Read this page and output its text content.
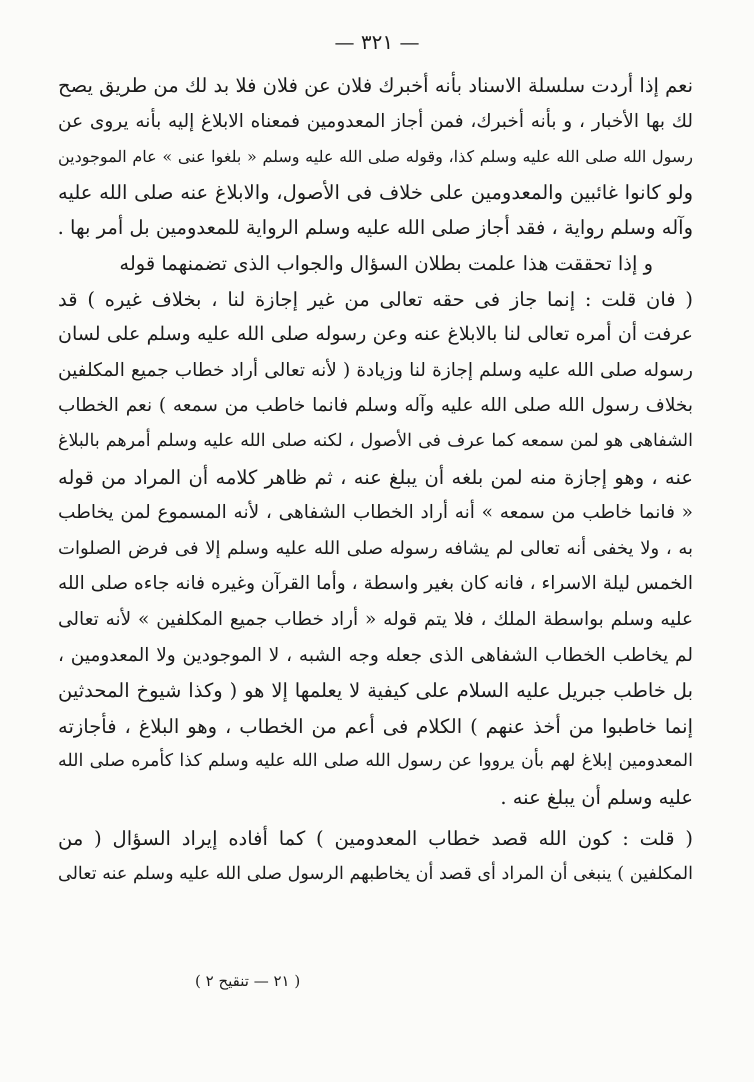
— ٣٢١ —
نعم إذا أردت سلسلة الاسناد بأنه أخبرك فلان عن فلان فلا بد لك من طريق يصح
لك بها الأخبار ، و بأنه أخبرك، فمن أجاز المعدومين فمعناه الابلاغ إليه بأنه يروى عن
رسول الله صلى الله عليه وسلم كذا، وقوله صلى الله عليه وسلم « بلغوا عنى » عام الموجودين
ولو كانوا غائبين والمعدومين على خلاف فى الأصول، والابلاغ عنه صلى الله عليه
وآله وسلم رواية ، فقد أجاز صلى الله عليه وسلم الرواية للمعدومين بل أمر بها .
و إذا تحققت هذا علمت بطلان السؤال والجواب الذى تضمنهما قوله
( فان قلت : إنما جاز فى حقه تعالى من غير إجازة لنا ، بخلاف غيره ) قد
عرفت أن أمره تعالى لنا بالابلاغ عنه وعن رسوله صلى الله عليه وسلم على لسان
رسوله صلى الله عليه وسلم إجازة لنا وزيادة ( لأنه تعالى أراد خطاب جميع المكلفين
بخلاف رسول الله صلى الله عليه وآله وسلم فانما خاطب من سمعه ) نعم الخطاب
الشفاهى هو لمن سمعه كما عرف فى الأصول ، لكنه صلى الله عليه وسلم أمرهم بالبلاغ
عنه ، وهو إجازة منه لمن بلغه أن يبلغ عنه ، ثم ظاهر كلامه أن المراد من قوله
« فانما خاطب من سمعه » أنه أراد الخطاب الشفاهى ، لأنه المسموع لمن يخاطب
به ، ولا يخفى أنه تعالى لم يشافه رسوله صلى الله عليه وسلم إلا فى فرض الصلوات
الخمس ليلة الاسراء ، فانه كان بغير واسطة ، وأما القرآن وغيره فانه جاءه صلى الله
عليه وسلم بواسطة الملك ، فلا يتم قوله « أراد خطاب جميع المكلفين » لأنه تعالى
لم يخاطب الخطاب الشفاهى الذى جعله وجه الشبه ، لا الموجودين ولا المعدومين ،
بل خاطب جبريل عليه السلام على كيفية لا يعلمها إلا هو ( وكذا شيوخ المحدثين
إنما خاطبوا من أخذ عنهم ) الكلام فى أعم من الخطاب ، وهو البلاغ ، فأجازته
المعدومين إبلاغ لهم بأن يرووا عن رسول الله صلى الله عليه وسلم كذا كأمره صلى الله
عليه وسلم أن يبلغ عنه .
( قلت : كون الله قصد خطاب المعدومين ) كما أفاده إيراد السؤال ( من
المكلفين ) ينبغى أن المراد أى قصد أن يخاطبهم الرسول صلى الله عليه وسلم عنه تعالى
( ٢١ — تنقيح ٢ )
